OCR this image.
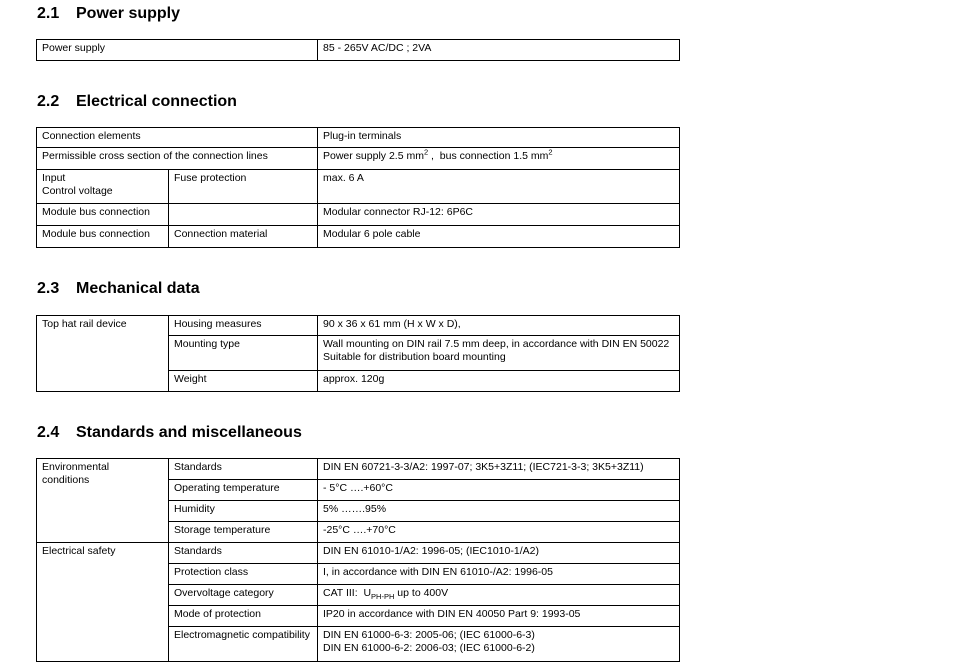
2.1 Power supply
Power supply	85 - 265V AC/DC ; 2VA
2.2 Electrical connection
Connection elements		Plug-in terminals
Permissible cross section of the connection lines		Power supply 2.5 $mm^2$ ,  bus connection 1.5 $mm^2$

Input
Control voltage	Fuse protection	max. 6 A
Module bus connection		Modular connector RJ-12: 6P6C
Module bus connection	Connection material	Modular 6 pole cable
2.3 Mechanical data
Top hat rail device	Housing measures	90 x 36 x 61 mm (H x W x D),
	Mounting type	Wall mounting on DIN rail 7.5 mm deep, in accordance with DIN EN 50022
Suitable for distribution board mounting

	Weight	approx. 120g
2.4 Standards and miscellaneous
Environmental
conditions	Standards	DIN EN 60721-3-3/A2: 1997-07; 3K5+3Z11; (IEC721-3-3; 3K5+3Z11)
	Operating temperature	- 5°C ….+60°C
	Humidity	5% …….95%
	Storage temperature	-25°C ….+70°C
Electrical safety	Standards	DIN EN 61010-1/A2: 1996-05; (IEC1010-1/A2)
	Protection class	I, in accordance with DIN EN 61010-/A2: 1996-05
	Overvoltage category	CAT III:  $U_{PH-PH}$ up to 400V
	Mode of protection	IP20 in accordance with DIN EN 40050 Part 9: 1993-05
	Electromagnetic compatibility	DIN EN 61000-6-3: 2005-06; (IEC 61000-6-3)
DIN EN 61000-6-2: 2006-03; (IEC 61000-6-2)
